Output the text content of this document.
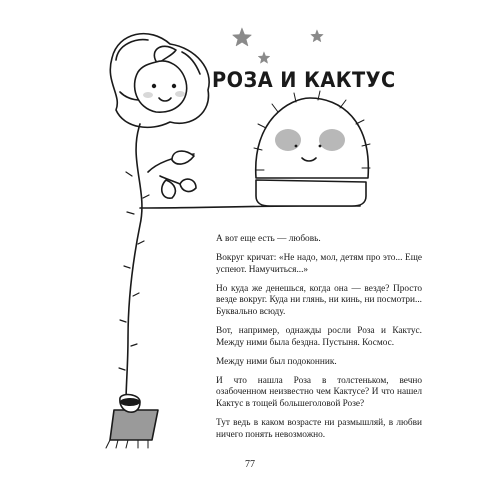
РОЗА И КАКТУС

А вот еще есть — любовь.

Вокруг кричат: «Не надо, мол, детям про это... Еще успеют. Намучиться...»

Но куда же денешься, когда она — везде? Просто везде вокруг. Куда ни глянь, ни кинь, ни посмотри... Буквально всюду.

Вот, например, однажды росли Роза и Кактус. Между ними была бездна. Пустыня. Космос.

Между ними был подоконник.

И что нашла Роза в толстеньком, вечно озабоченном неизвестно чем Кактусе? И что нашел Кактус в тощей большеголовой Розе?

Тут ведь в каком возрасте ни размышляй, в любви ничего понять невозможно.

77
